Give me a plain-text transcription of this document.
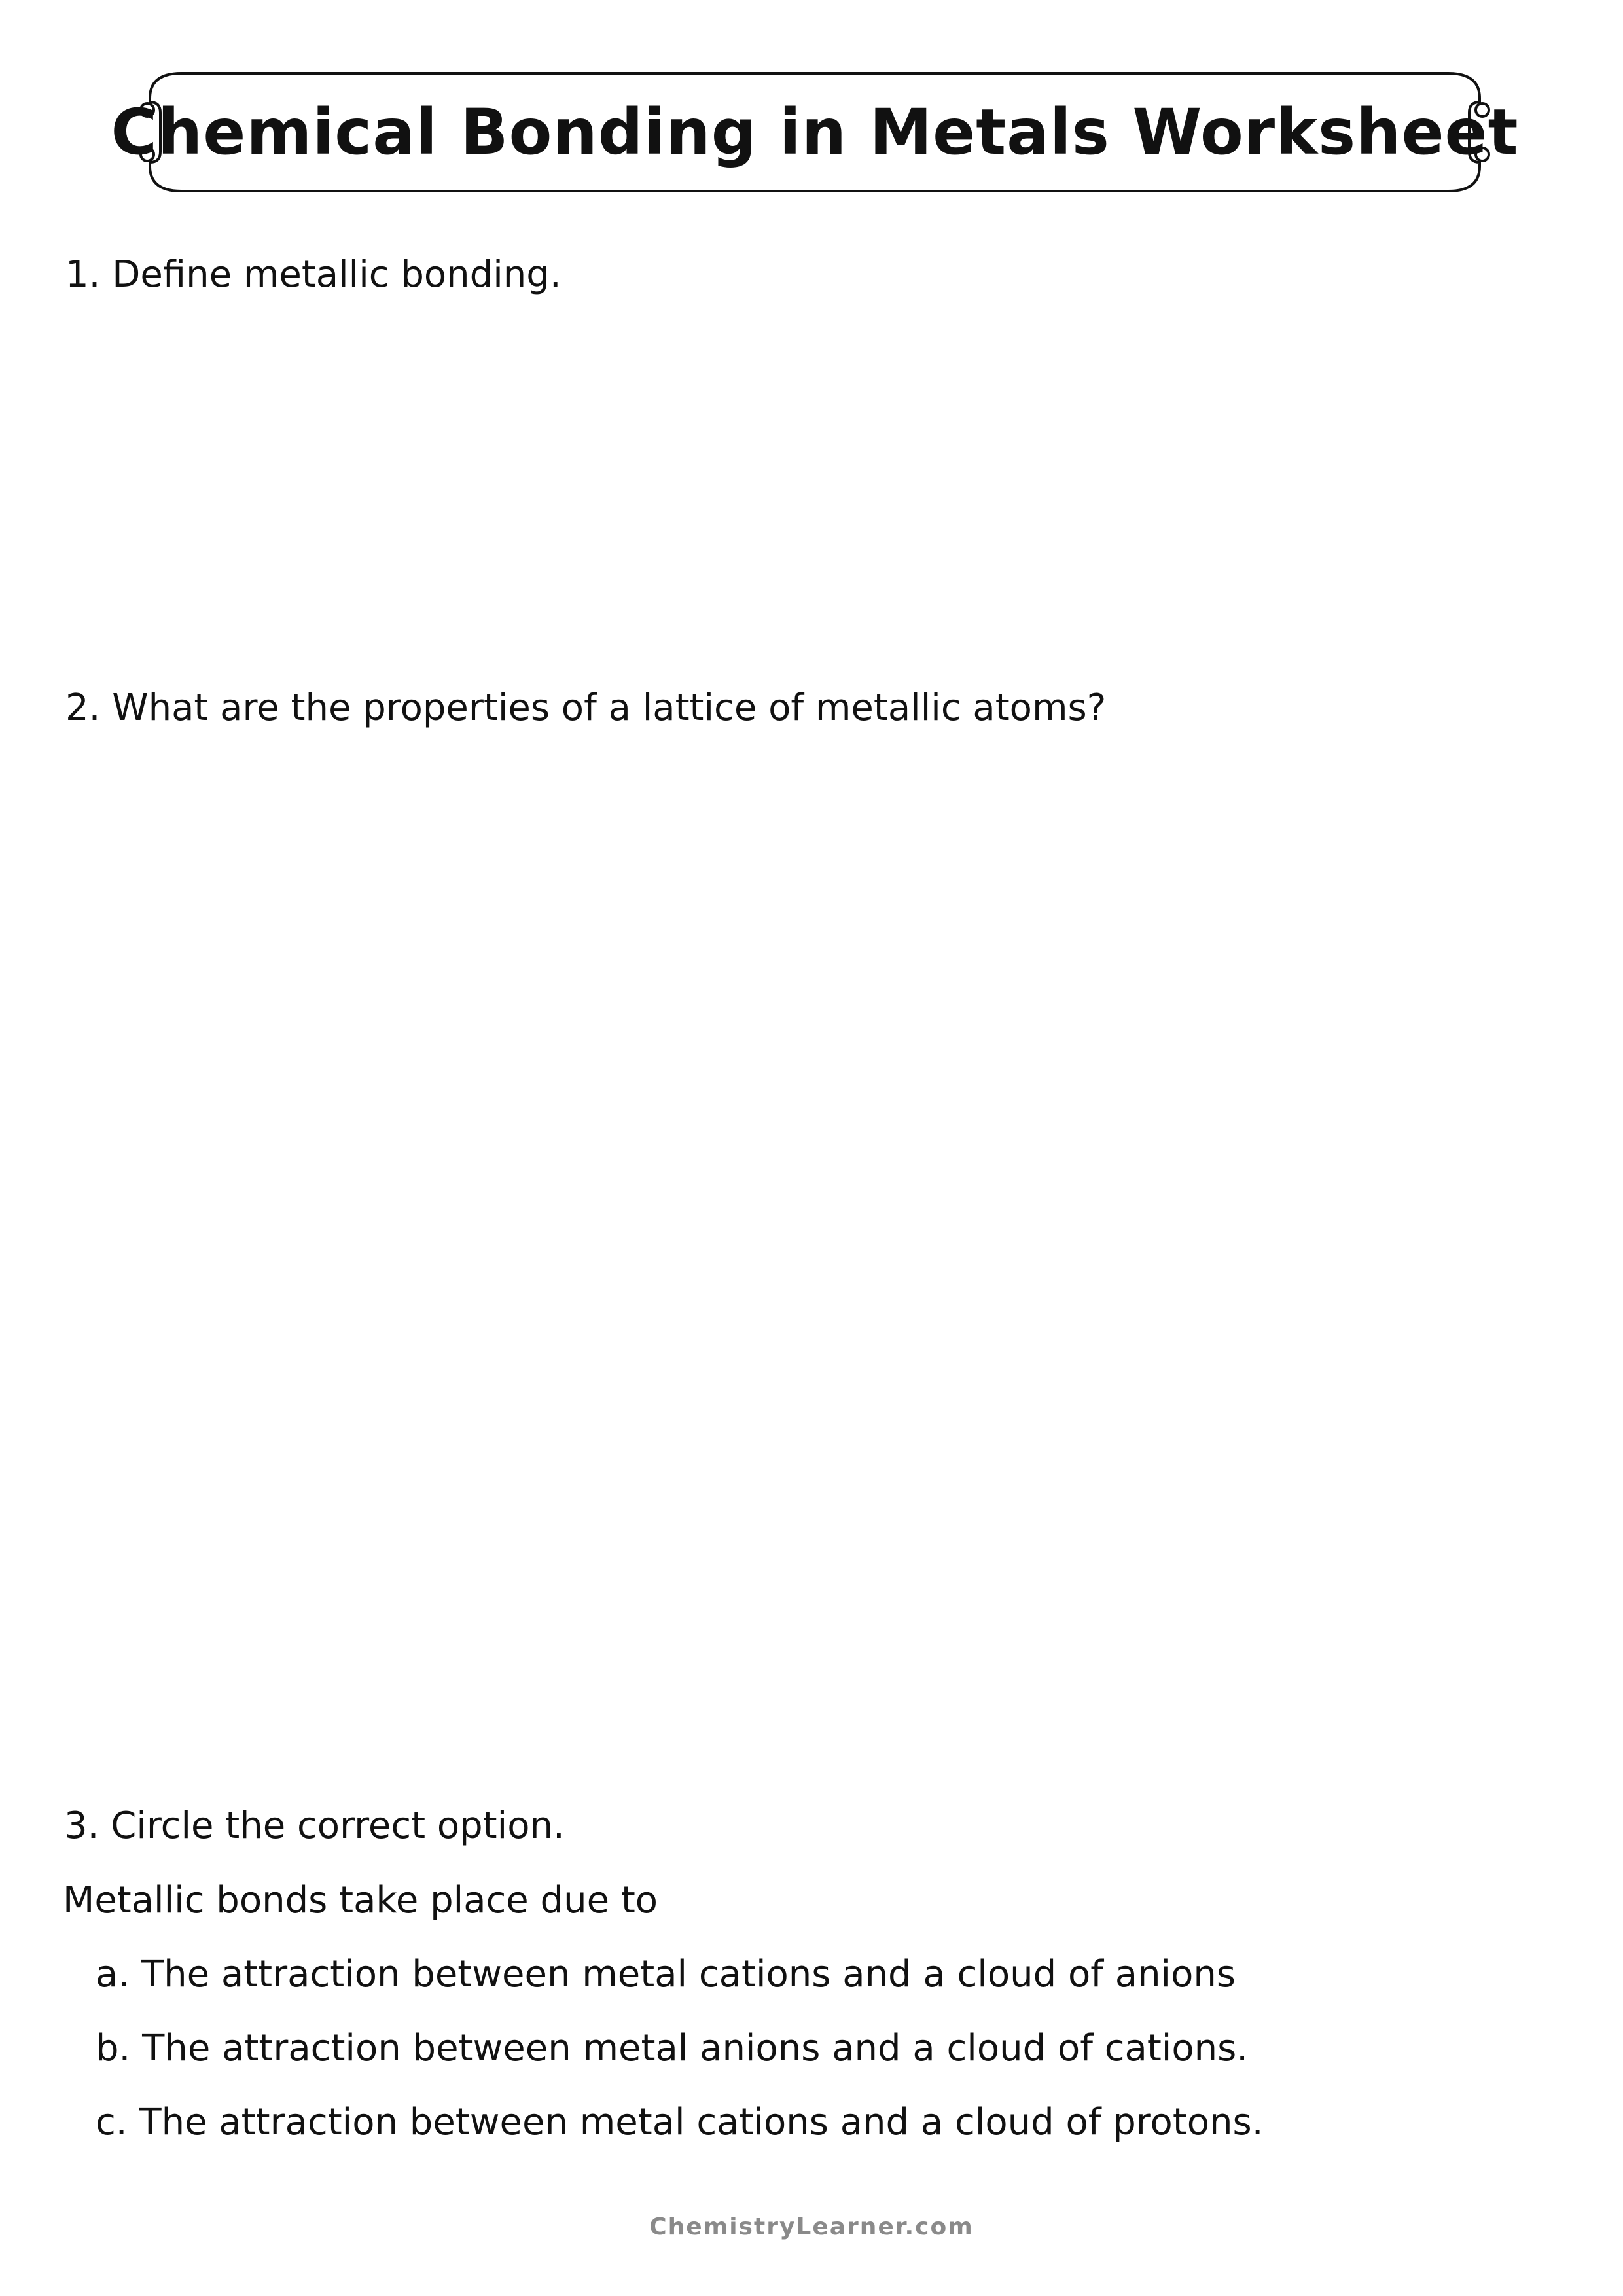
Chemical Bonding in Metals Worksheet
1. Define metallic bonding.
2. What are the properties of a lattice of metallic atoms?
3. Circle the correct option.
Metallic bonds take place due to
a. The attraction between metal cations and a cloud of anions
b. The attraction between metal anions and a cloud of cations.
c. The attraction between metal cations and a cloud of protons.
ChemistryLearner.com
